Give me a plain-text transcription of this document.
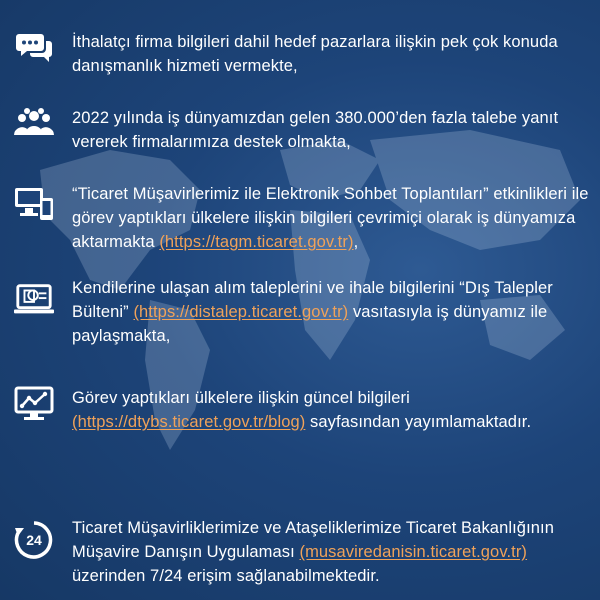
İthalatçı firma bilgileri dahil hedef pazarlara ilişkin pek çok konuda danışmanlık hizmeti vermekte,
2022 yılında iş dünyamızdan gelen 380.000’den fazla talebe yanıt vererek firmalarımıza destek olmakta,
“Ticaret Müşavirlerimiz ile Elektronik Sohbet Toplantıları” etkinlikleri ile görev yaptıkları ülkelere ilişkin bilgileri çevrimiçi olarak iş dünyamıza aktarmakta (https://tagm.ticaret.gov.tr),
Kendilerine ulaşan alım taleplerini ve ihale bilgilerini “Dış Talepler Bülteni” (https://distalep.ticaret.gov.tr) vasıtasıyla iş dünyamız ile paylaşmakta,
Görev yaptıkları ülkelere ilişkin güncel bilgileri (https://dtybs.ticaret.gov.tr/blog) sayfasından yayımlamaktadır.
24
Ticaret Müşavirliklerimize ve Ataşeliklerimize Ticaret Bakanlığının Müşavire Danışın Uygulaması (musaviredanisin.ticaret.gov.tr) üzerinden 7/24 erişim sağlanabilmektedir.
